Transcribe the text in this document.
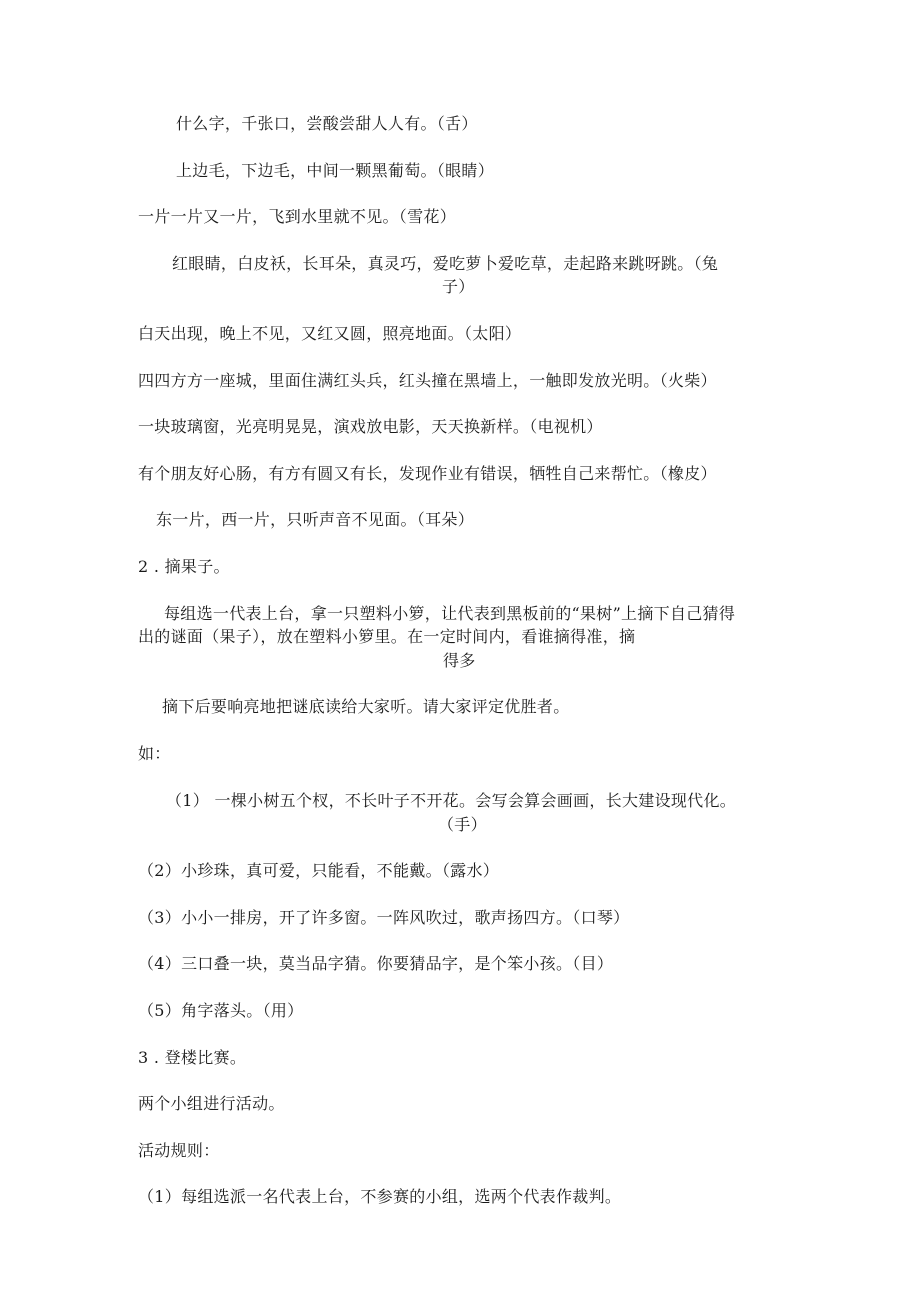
什么字，千张口，尝酸尝甜人人有。（舌）
上边毛，下边毛，中间一颗黑葡萄。（眼睛）
一片一片又一片，飞到水里就不见。（雪花）
红眼睛，白皮袄，长耳朵，真灵巧，爱吃萝卜爱吃草，走起路来跳呀跳。（兔
子）
白天出现，晚上不见，又红又圆，照亮地面。（太阳）
四四方方一座城，里面住满红头兵，红头撞在黑墙上，一触即发放光明。（火柴）
一块玻璃窗，光亮明晃晃，演戏放电影，天天换新样。（电视机）
有个朋友好心肠，有方有圆又有长，发现作业有错误，牺牲自己来帮忙。（橡皮）
东一片，西一片，只听声音不见面。（耳朵）
2 . 摘果子。
每组选一代表上台，拿一只塑料小箩，让代表到黑板前的“果树”上摘下自己猜得
出的谜面（果子），放在塑料小箩里。在一定时间内，看谁摘得准，摘
得多
摘下后要响亮地把谜底读给大家听。请大家评定优胜者。
如：
（1） 一棵小树五个杈，不长叶子不开花。会写会算会画画，长大建设现代化。
（手）
（2）小珍珠，真可爱，只能看，不能戴。（露水）
（3）小小一排房，开了许多窗。一阵风吹过，歌声扬四方。（口琴）
（4）三口叠一块，莫当品字猜。你要猜品字，是个笨小孩。（目）
（5）角字落头。（用）
3 . 登楼比赛。
两个小组进行活动。
活动规则：
（1）每组选派一名代表上台，不参赛的小组，选两个代表作裁判。
